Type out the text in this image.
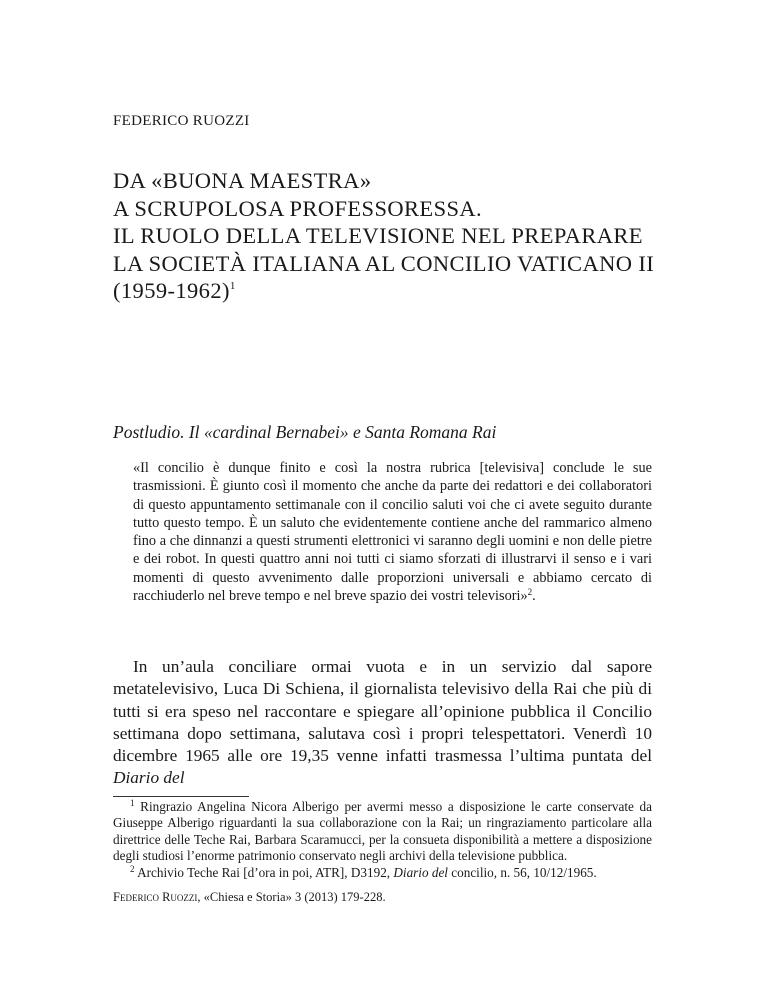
FEDERICO RUOZZI

DA «BUONA MAESTRA»
A SCRUPOLOSA PROFESSORESSA.
IL RUOLO DELLA TELEVISIONE NEL PREPARARE
LA SOCIETÀ ITALIANA AL CONCILIO VATICANO II
(1959-1962)$^1$
Postludio. Il «cardinal Bernabei» e Santa Romana Rai

«Il concilio è dunque finito e così la nostra rubrica [televisiva] conclude le sue trasmissioni. È giunto così il momento che anche da parte dei redattori e dei collaboratori di questo appuntamento settimanale con il concilio saluti voi che ci avete seguito durante tutto questo tempo. È un saluto che evidentemente contiene anche del rammarico almeno fino a che dinnanzi a questi strumenti elettronici vi saranno degli uomini e non delle pietre e dei robot. In questi quattro anni noi tutti ci siamo sforzati di illustrarvi il senso e i vari momenti di questo avvenimento dalle proporzioni universali e abbiamo cercato di racchiuderlo nel breve tempo e nel breve spazio dei vostri televisori»$^2$.

In un’aula conciliare ormai vuota e in un servizio dal sapore metatelevisivo, Luca Di Schiena, il giornalista televisivo della Rai che più di tutti si era speso nel raccontare e spiegare all’opinione pubblica il Concilio settimana dopo settimana, salutava così i propri telespettatori. Venerdì 10 dicembre 1965 alle ore 19,35 venne infatti trasmessa l’ultima puntata del Diario del

$^1$ Ringrazio Angelina Nicora Alberigo per avermi messo a disposizione le carte conservate da Giuseppe Alberigo riguardanti la sua collaborazione con la Rai; un ringraziamento particolare alla direttrice delle Teche Rai, Barbara Scaramucci, per la consueta disponibilità a mettere a disposizione degli studiosi l’enorme patrimonio conservato negli archivi della televisione pubblica.

$^2$ Archivio Teche Rai [d’ora in poi, ATR], D3192, Diario del concilio, n. 56, 10/12/1965.

Federico Ruozzi, «Chiesa e Storia» 3 (2013) 179-228.
